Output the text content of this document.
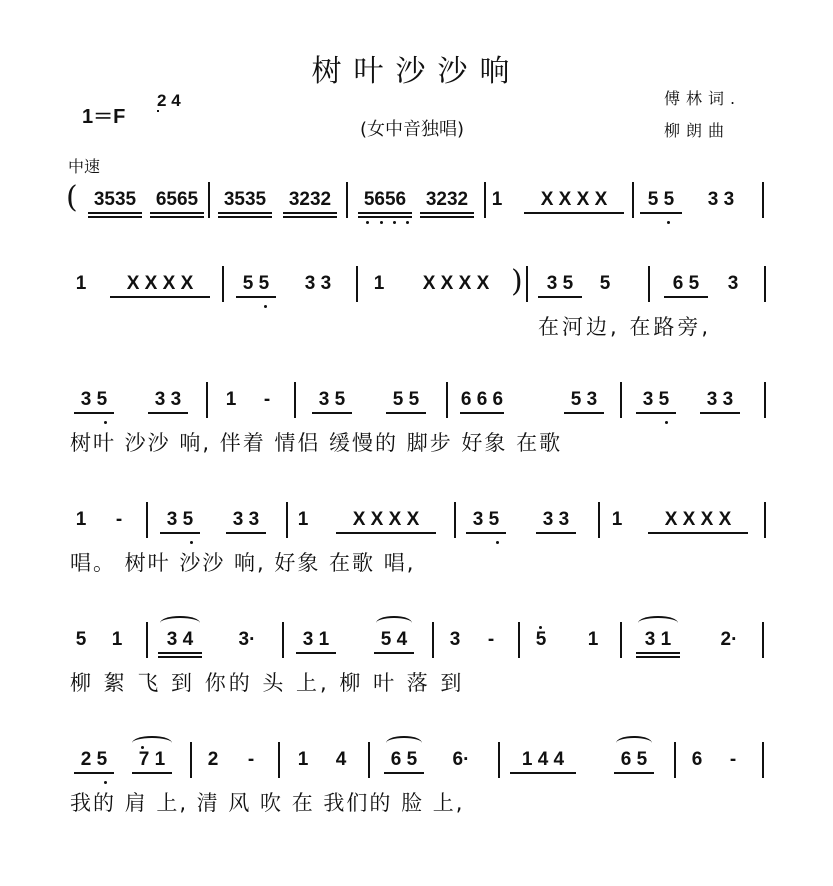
树叶沙沙响
1＝F
2 4
(女中音独唱)
傅林词.
柳朗曲
中速
( 3535	6565	3535	3232	5656	3232	1	X X X X	5 5	3 3
1	X X X X	5 5	3 3	1	X X X X )	3 5	5	6 5	3
在河边, 在路旁,
3 5	3 3	1 -	3 5	5 5	6 6 6	5 3	3 5	3 3
树叶 沙沙 响, 伴着 情侣 缓慢的 脚步 好象 在歌
1 -	3 5	3 3	1	X X X X	3 5	3 3	1	X X X X
唱。 树叶 沙沙 响, 好象 在歌 唱,
5 1	3 4	3·	3 1	5 4	3 - 5 1	3 1	2·
柳 絮 飞 到 你的 头 上, 柳 叶 落 到
2 5	7 1	2 - 1 4	6 5	6·	1 4 4	6 5	6 -
我的 肩 上, 清 风 吹 在 我们的 脸 上,
